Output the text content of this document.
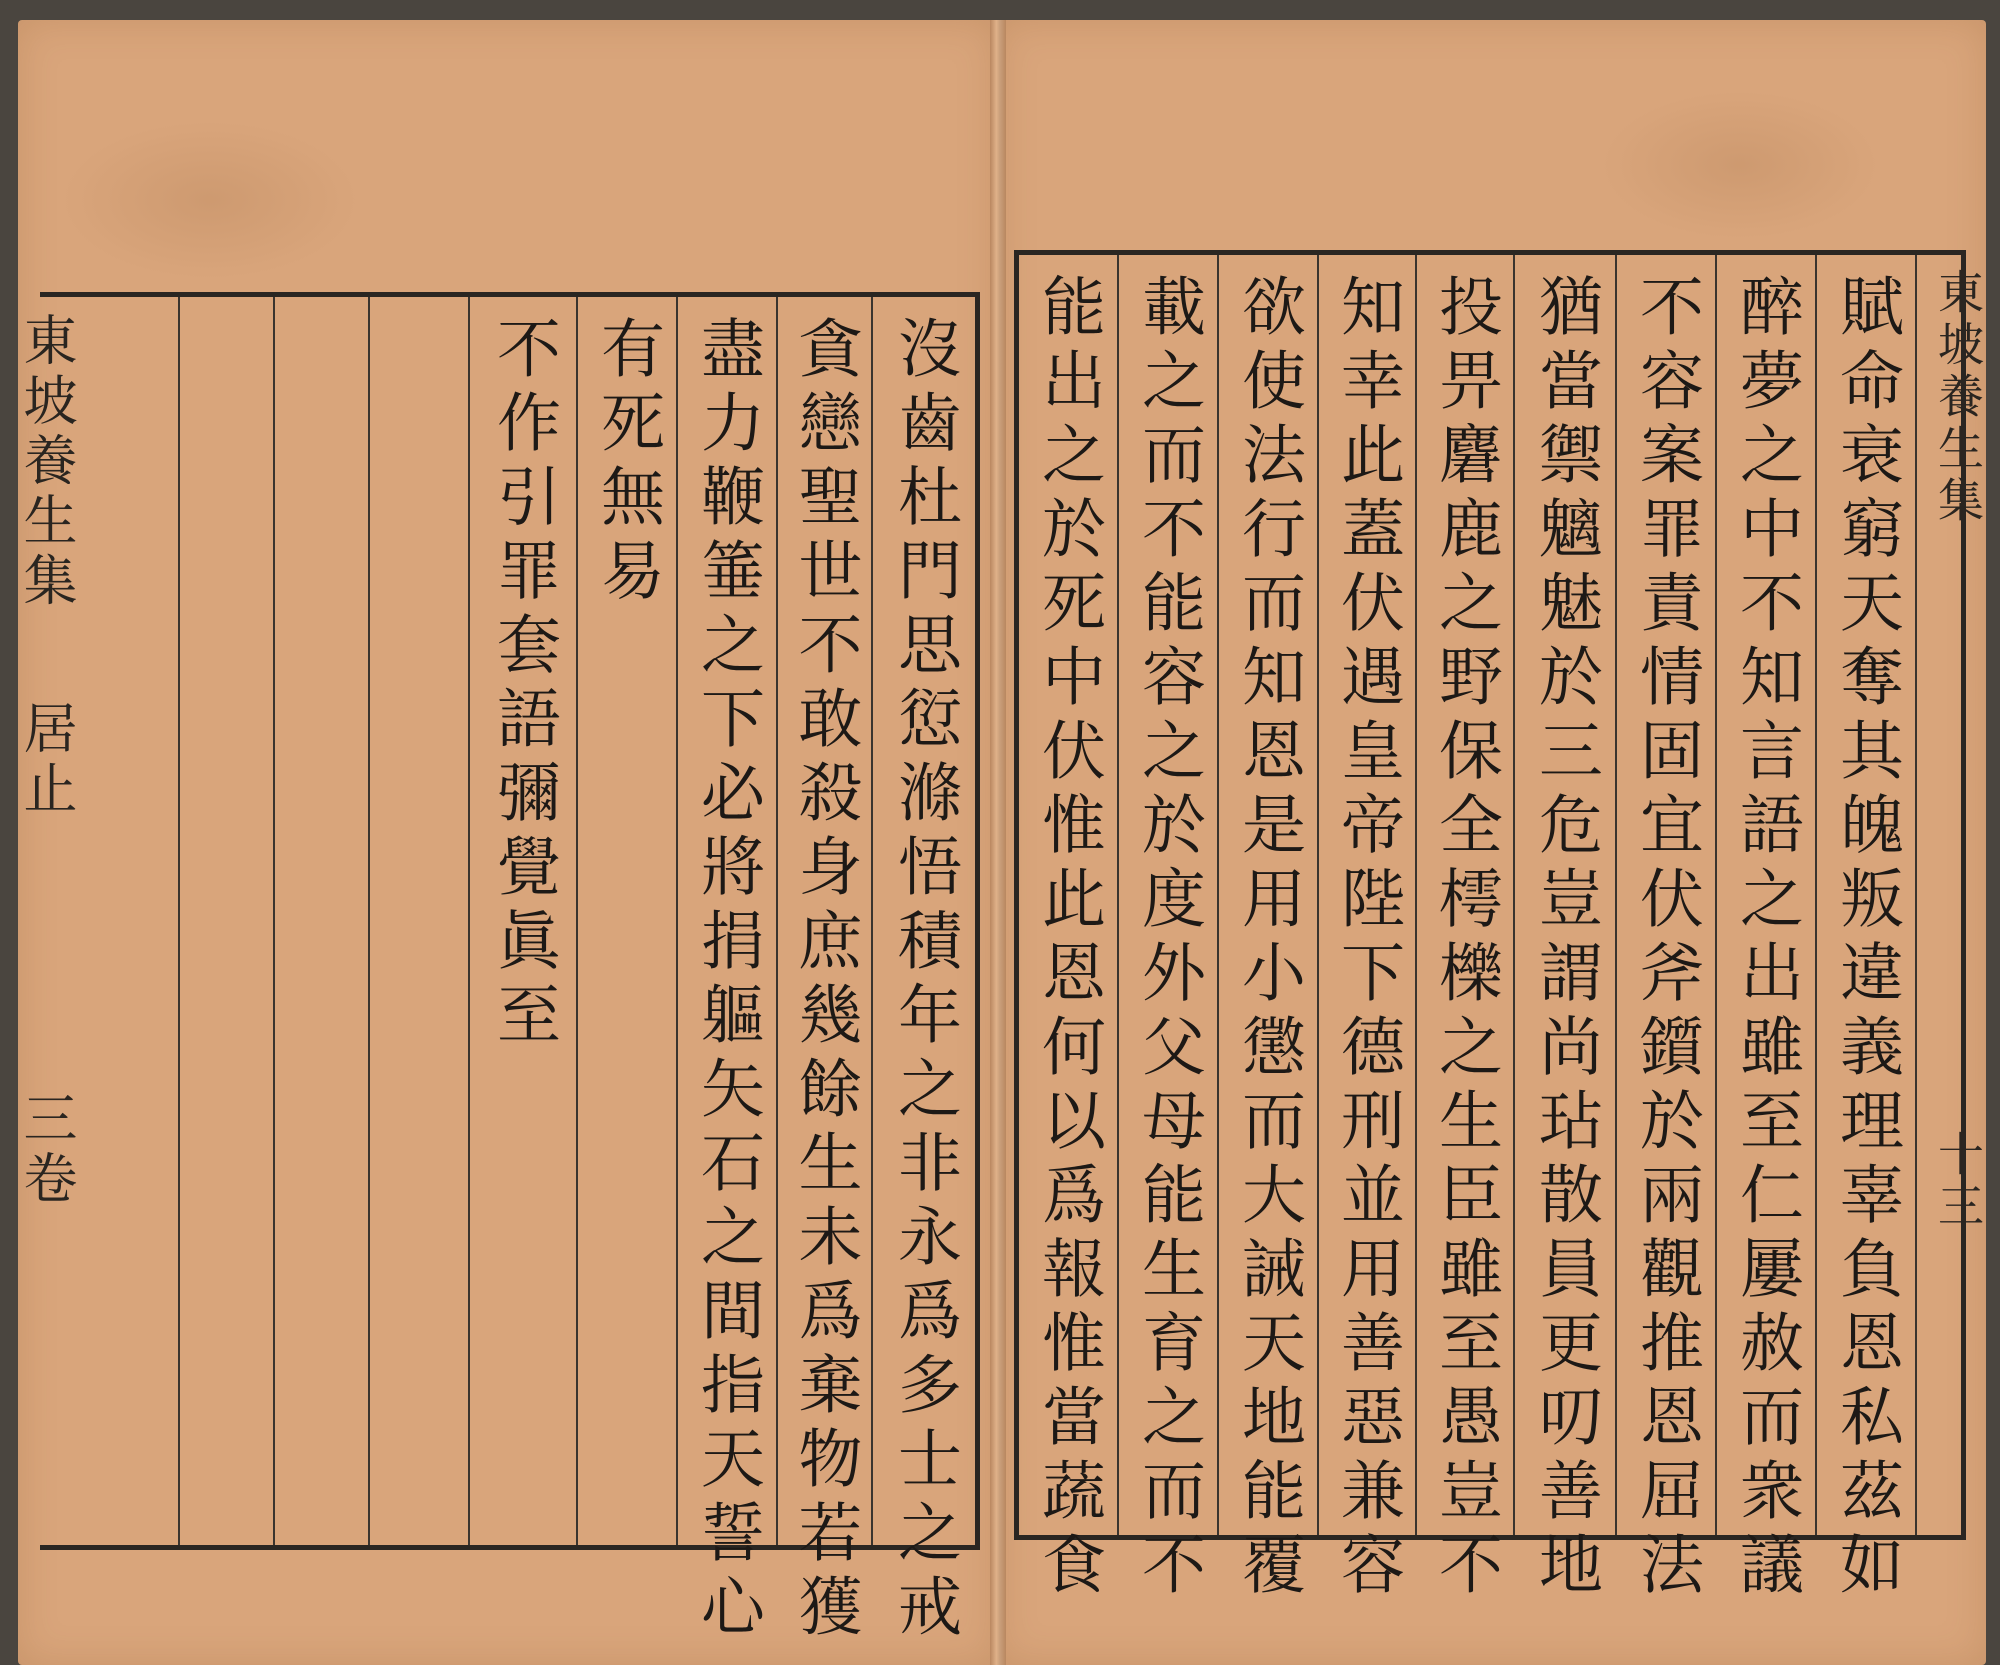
東坡養生集
居止
三卷
不作引罪套語彌覺眞至 有死無易 盡力鞭箠之下必將捐軀矢石之間指天誓心 貪戀聖世不敢殺身庶幾餘生未爲棄物若獲 沒齒杜門思愆滌悟積年之非永爲多士之戒 能出之於死中伏惟此恩何以爲報惟當蔬食 載之而不能容之於度外父母能生育之而不 欲使法行而知恩是用小懲而大誡天地能覆 知幸此蓋伏遇皇帝陛下德刑並用善惡兼容 投畀麏鹿之野保全樗櫟之生臣雖至愚豈不 猶當禦魑魅於三危豈謂尚玷散員更叨善地 不容案罪責情固宜伏斧鑕於兩觀推恩屈法 醉夢之中不知言語之出雖至仁屢赦而衆議 賦命衰窮天奪其魄叛違義理辜負恩私茲如 東坡養生集
十三
